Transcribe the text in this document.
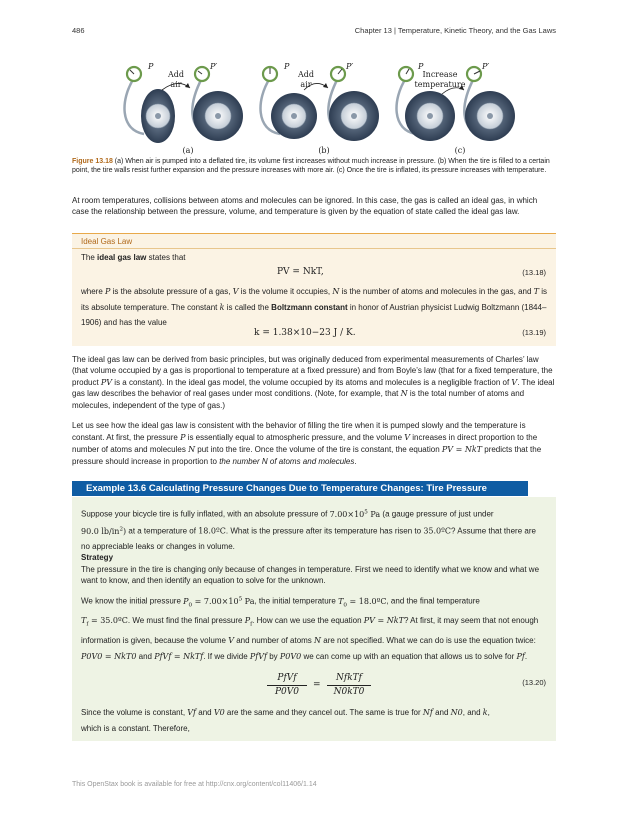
486	Chapter 13 | Temperature, Kinetic Theory, and the Gas Laws
P	P′
Add
air
(a)
P	P′
Add
air
(b)
P	P′
Increase
temperature
(c)
Figure 13.18 (a) When air is pumped into a deflated tire, its volume first increases without much increase in pressure. (b) When the tire is filled to a certain point, the tire walls resist further expansion and the pressure increases with more air. (c) Once the tire is inflated, its pressure increases with temperature.

At room temperatures, collisions between atoms and molecules can be ignored. In this case, the gas is called an ideal gas, in which case the relationship between the pressure, volume, and temperature is given by the equation of state called the ideal gas law.

Ideal Gas Law

The ideal gas law states that

PV = NkT,	(13.18)

where P is the absolute pressure of a gas, V is the volume it occupies, N is the number of atoms and molecules in the gas, and T is its absolute temperature. The constant k is called the Boltzmann constant in honor of Austrian physicist Ludwig Boltzmann (1844–1906) and has the value

k = 1.38×10−23 J / K.	(13.19)

The ideal gas law can be derived from basic principles, but was originally deduced from experimental measurements of Charles’ law (that volume occupied by a gas is proportional to temperature at a fixed pressure) and from Boyle’s law (that for a fixed temperature, the product PV is a constant). In the ideal gas model, the volume occupied by its atoms and molecules is a negligible fraction of V. The ideal gas law describes the behavior of real gases under most conditions. (Note, for example, that N is the total number of atoms and molecules, independent of the type of gas.)

Let us see how the ideal gas law is consistent with the behavior of filling the tire when it is pumped slowly and the temperature is constant. At first, the pressure P is essentially equal to atmospheric pressure, and the volume V increases in direct proportion to the number of atoms and molecules N put into the tire. Once the volume of the tire is constant, the equation PV = NkT predicts that the pressure should increase in proportion to the number N of atoms and molecules.

Example 13.6 Calculating Pressure Changes Due to Temperature Changes: Tire Pressure

Suppose your bicycle tire is fully inflated, with an absolute pressure of $7.00\times 10^5$ Pa (a gauge pressure of just under
90.0 $lb/in^2$) at a temperature of 18.0ºC. What is the pressure after its temperature has risen to 35.0ºC? Assume that there are no appreciable leaks or changes in volume.

Strategy

The pressure in the tire is changing only because of changes in temperature. First we need to identify what we know and what we want to know, and then identify an equation to solve for the unknown.

We know the initial pressure $P_0 = 7.00\times 10^5$ Pa, the initial temperature $T_0$ = 18.0ºC, and the final temperature
$T_f$ = 35.0ºC. We must find the final pressure $P_f$. How can we use the equation PV = NkT? At first, it may seem that not enough information is given, because the volume V and number of atoms N are not specified. What we can do is use the equation twice: P0V0 = NkT0 and PfVf = NkTf. If we divide PfVf by P0V0 we can come up with an equation that allows us to solve for Pf.

PfVf
P0V0
=
NfkTf
N0kT0
(13.20)

Since the volume is constant, Vf and V0 are the same and they cancel out. The same is true for Nf and N0, and k,
which is a constant. Therefore,

This OpenStax book is available for free at http://cnx.org/content/col11406/1.14
